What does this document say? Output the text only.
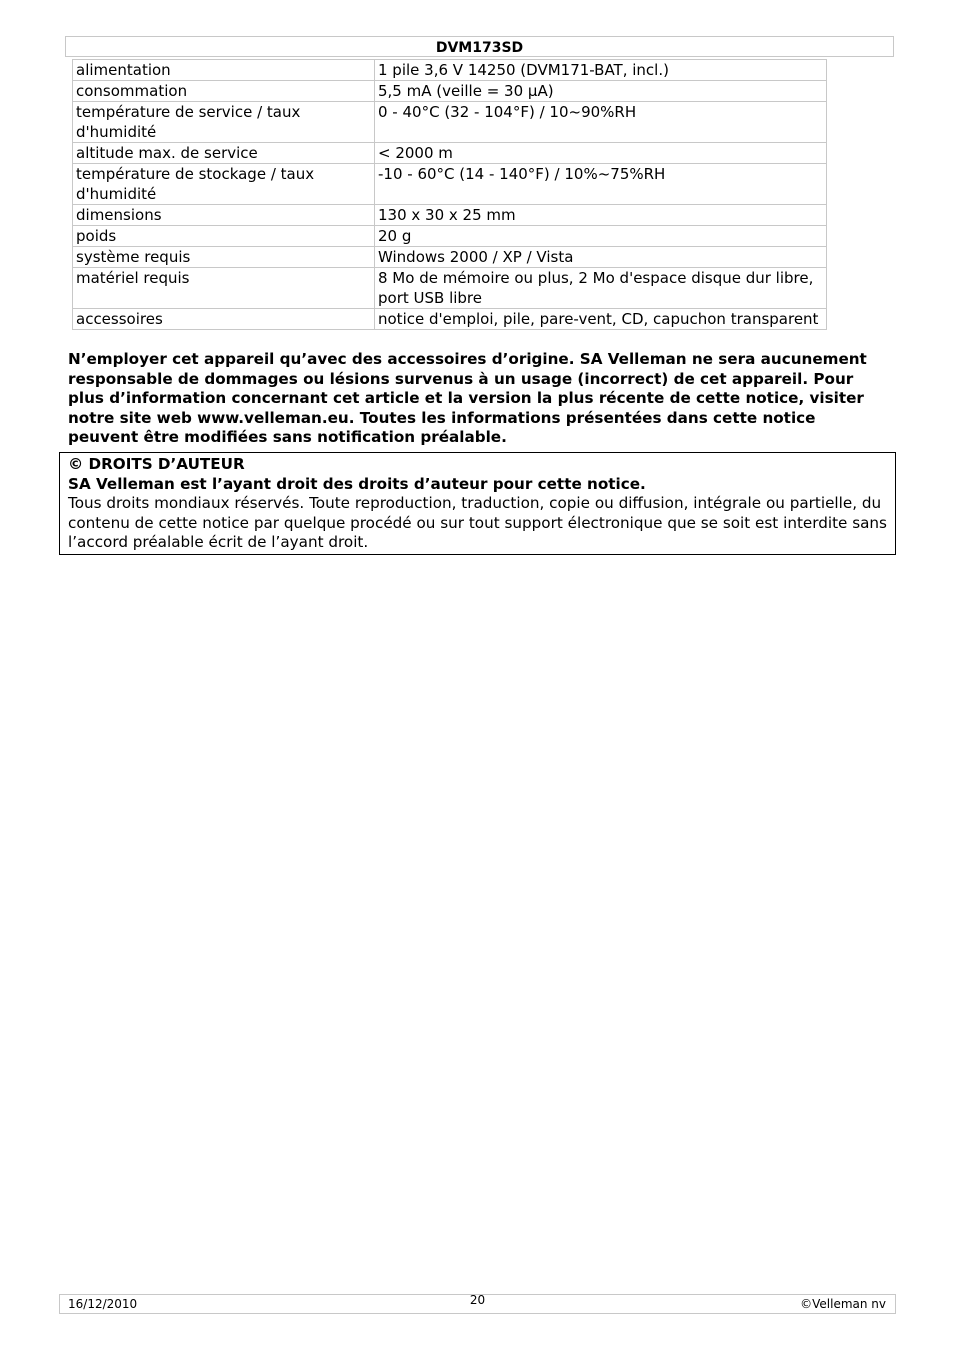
DVM173SD
alimentation	1 pile 3,6 V 14250 (DVM171-BAT, incl.)
consommation	5,5 mA (veille = 30 µA)
température de service / taux d'humidité	0 - 40°C (32 - 104°F) / 10~90%RH
altitude max. de service	< 2000 m
température de stockage / taux d'humidité	-10 - 60°C (14 - 140°F) / 10%~75%RH
dimensions	130 x 30 x 25 mm
poids	20 g
système requis	Windows 2000 / XP / Vista
matériel requis	8 Mo de mémoire ou plus, 2 Mo d'espace disque dur libre, port USB libre
accessoires	notice d'emploi, pile, pare-vent, CD, capuchon transparent
N’employer cet appareil qu’avec des accessoires d’origine. SA Velleman ne sera aucunement responsable de dommages ou lésions survenus à un usage (incorrect) de cet appareil. Pour plus d’information concernant cet article et la version la plus récente de cette notice, visiter notre site web www.velleman.eu. Toutes les informations présentées dans cette notice peuvent être modifiées sans notification préalable.
© DROITS D’AUTEUR
SA Velleman est l’ayant droit des droits d’auteur pour cette notice.
Tous droits mondiaux réservés. Toute reproduction, traduction, copie ou diffusion, intégrale ou partielle, du contenu de cette notice par quelque procédé ou sur tout support électronique que se soit est interdite sans l’accord préalable écrit de l’ayant droit.
16/12/2010	20	©Velleman nv
